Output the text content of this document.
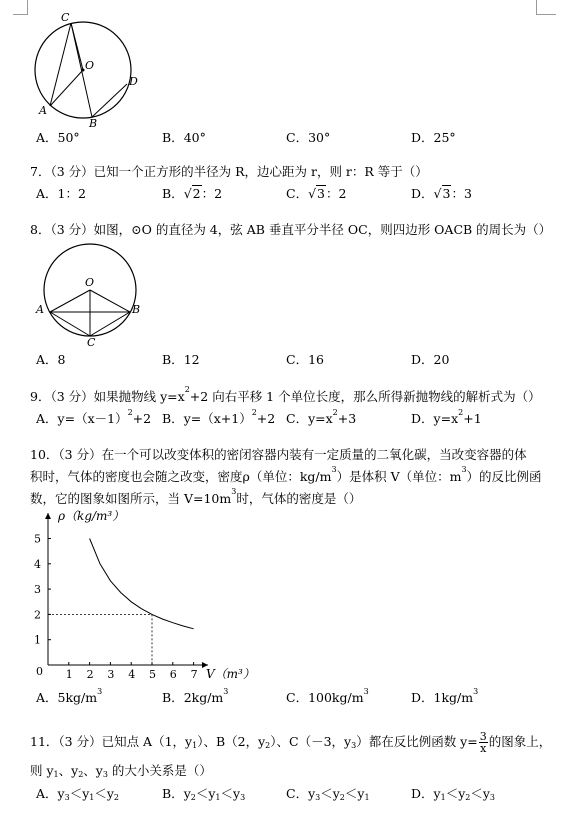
C
O
D
A
B
A．50°	B．40°	C．30°	D．25°
7．（3 分）已知一个正方形的半径为 R，边心距为 r，则 r：R 等于（）
A．1：2	B．√2：2	C．√3：2	D．√3：3
8．（3 分）如图，⊙O 的直径为 4，弦 AB 垂直平分半径 OC，则四边形 OACB 的周长为（）
O
A	B
C
A．8	B．12	C．16	D．20
9．（3 分）如果抛物线 $y=x^2+2$ 向右平移 1 个单位长度，那么所得新抛物线的解析式为（）
A．$y=(x-1)^2+2$ B．$y=(x+1)^2+2$ C．$y=x^2+3$	D．$y=x^2+1$
10．（3 分）在一个可以改变体积的密闭容器内装有一定质量的二氧化碳，当改变容器的体
积时，气体的密度也会随之改变，密度ρ（单位：$kg/m^3$）是体积 V（单位：$m^3$）的反比例函
数，它的图象如图所示，当 $V=10m^3$时，气体的密度是（）
1 2 3 4 5 6 7
1
2
3
4
5
ρ（kg/m³）
V（m³）
0
A．$5kg/m^3$	B．$2kg/m^3$	C．$100kg/m^3$	D．$1kg/m^3$
11．（3 分）已知点 A（1，$y_1$）、B（2，$y_2$）、C（－3，$y_3$）都在反比例函数 $y= \frac{3}{x}$ 的图象上，
则 $y_1$、$y_2$、$y_3$ 的大小关系是（）
A．$y_3<y_1<y_2$	B．$y_2<y_1<y_3$	C．$y_3<y_2<y_1$	D．$y_1<y_2<y_3$
